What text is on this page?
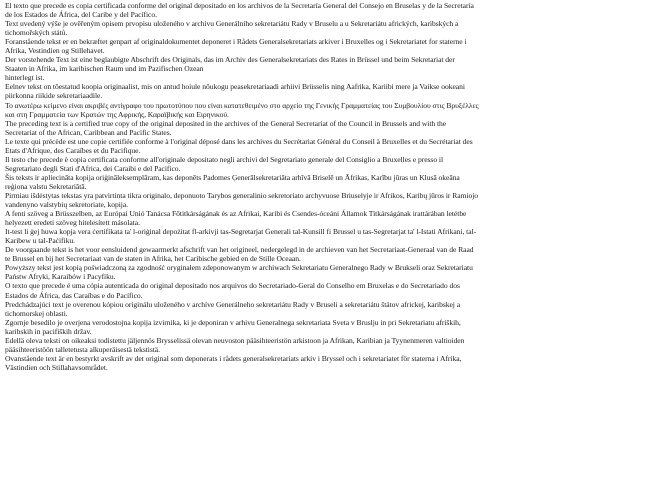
El texto que precede es copia certificada conforme del original depositado en los archivos de la Secretaría General del Consejo en Bruselas y de la Secretaría
de los Estados de África, del Caribe y del Pacífico.

Text uvedený výše je ověřeným opisem prvopisu uloženého v archivu Generálního sekretariátu Rady v Bruselu a u Sekretariátu afrických, karibských a
tichomořských států.

Foranstående tekst er en bekræftet genpart af originaldokumentet deponeret i Rådets Generalsekretariats arkiver i Bruxelles og i Sekretariatet for staterne i
Afrika, Vestindien og Stillehavet.

Der vorstehende Text ist eine beglaubigte Abschrift des Originals, das im Archiv des Generalsekretariats des Rates in Brüssel und beim Sekretariat der
Staaten in Afrika, im karibischen Raum und im Pazifischen Ozean
hinterlegt ist.

Eelnev tekst on tõestatud koopia originaalist, mis on antud hoiule nõukogu peasekretariaadi arhiivi Brüsselis ning Aafrika, Kariibi mere ja Vaikse ookeani
piirkonna riikide sekretariaadile.

Το ανωτέρω κείμενο είναι ακριβές αντίγραφο του πρωτοτύπου που είναι κατατεθειμένο στο αρχείο της Γενικής Γραμματείας του Συμβουλίου στις Βρυξέλλες
και στη Γραμματεία των Κρατών της Αφρικής, Καραϊβικής και Ειρηνικού.

The preceding text is a certified true copy of the original deposited in the archives of the General Secretariat of the Council in Brussels and with the
Secretariat of the African, Caribbean and Pacific States.

Le texte qui précède est une copie certifiée conforme à l'original déposé dans les archives du Secrétariat Général du Conseil à Bruxelles et du Secrétariat des
Etats d'Afrique, des Caraïbes et du Pacifique.

Il testo che precede è copia certificata conforme all'originale depositato negli archivi del Segretariato generale del Consiglio a Bruxelles e presso il
Segretariato degli Stati d'Africa, dei Caraibi e del Pacifico.

Šis teksts ir apliecināta kopija oriģināleksemplāram, kas deponēts Padomes Ģenerālsekretariāta arhīvā Briselē un Āfrikas, Karību jūras un Klusā okeāna
reģiona valstu Sekretariātā.

Pirmiau išdėstytas tekstas yra patvirtinta tikra originalo, deponuoto Tarybos generalinio sekretoriato archyvuose Briuselyje ir Afrikos, Karibų jūros ir Ramiojo
vandenyno valstybių sekretoriate, kopija.

A fenti szöveg a Brüsszelben, az Európai Unió Tanácsa Főtitkárságának és az Afrikai, Karibi és Csendes-óceáni Államok Titkárságának irattárában letétbe
helyezett eredeti szöveg hitelesített másolata.

It-test li ġej huwa kopja vera ċertifikata ta' l-oriġinal depożitat fl-arkivji tas-Segretarjat Ġenerali tal-Kunsill fi Brussel u tas-Segretarjat ta' l-Istati Afrikani, tal-
Karibew u tal-Paċifiku.

De voorgaande tekst is het voor eensluidend gewaarmerkt afschrift van het origineel, nedergelegd in de archieven van het Secretariaat-Generaal van de Raad
te Brussel en bij het Secretariaat van de staten in Afrika, het Caribische gebied en de Stille Oceaan.

Powyższy tekst jest kopią poświadczoną za zgodność oryginałem zdeponowanym w archiwach Sekretariatu Generalnego Rady w Brukseli oraz Sekretariatu
Państw Afryki, Karaibów i Pacyfiku.

O texto que precede é uma cópia autenticada do original depositado nos arquivos do Secretariado-Geral do Conselho em Bruxelas e do Secretariado dos
Estados de África, das Caraíbas e do Pacífico.

Predchádzajúci text je overenou kópiou originálu uloženého v archíve Generálneho sekretariátu Rady v Bruseli a sekretariátu štátov africkej, karibskej a
tichomorskej oblasti.

Zgornje besedilo je overjena verodostojna kopija izvirnika, ki je deponiran v arhivu Generalnega sekretariata Sveta v Bruslju in pri Sekretariatu afriških,
karibskih in pacifiških držav.

Edellä oleva teksti on oikeaksi todistettu jäljennös Brysselissä olevan neuvoston pääsihteeristön arkistoon ja Afrikan, Karibian ja Tyynenmeren valtioiden
pääsihteeristöön talletetusta alkuperäisestä tekstistä.

Ovanstående text är en bestyrkt avskrift av det original som deponerats i rådets generalsekretariats arkiv i Bryssel och i sekretariatet för staterna i Afrika,
Västindien och Stillahavsområdet.
